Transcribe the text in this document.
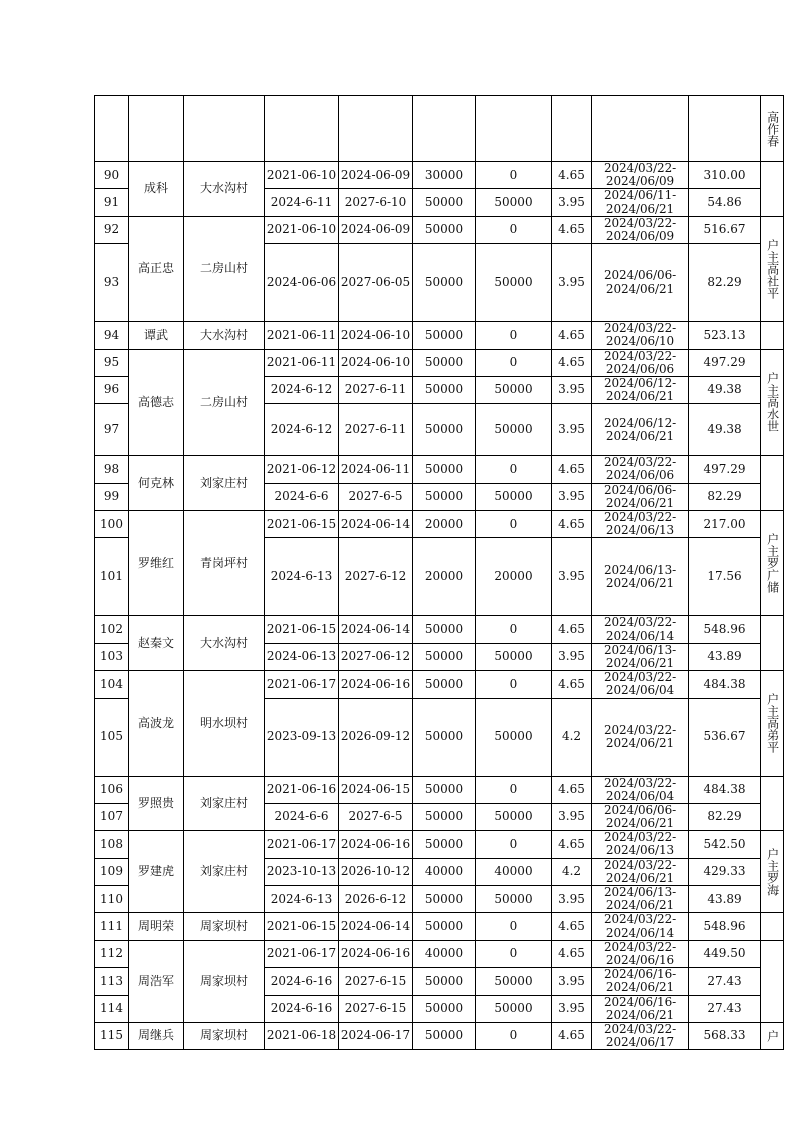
										高作春
90	成科	大水沟村	2021-06-10	2024-06-09	30000	0	4.65	2024/03/22-2024/06/09	310.00	
91			2024-6-11	2027-6-10	50000	50000	3.95	2024/06/11-2024/06/21	54.86	
92	高正忠	二房山村	2021-06-10	2024-06-09	50000	0	4.65	2024/03/22-2024/06/09	516.67	户主高社平
93			2024-06-06	2027-06-05	50000	50000	3.95	2024/06/06-2024/06/21	82.29	
94	谭武	大水沟村	2021-06-11	2024-06-10	50000	0	4.65	2024/03/22-2024/06/10	523.13	
95	高德志	二房山村	2021-06-11	2024-06-10	50000	0	4.65	2024/03/22-2024/06/06	497.29	户主高水世
96			2024-6-12	2027-6-11	50000	50000	3.95	2024/06/12-2024/06/21	49.38	
97			2024-6-12	2027-6-11	50000	50000	3.95	2024/06/12-2024/06/21	49.38	
98	何克林	刘家庄村	2021-06-12	2024-06-11	50000	0	4.65	2024/03/22-2024/06/06	497.29	
99			2024-6-6	2027-6-5	50000	50000	3.95	2024/06/06-2024/06/21	82.29	
100	罗维红	青岗坪村	2021-06-15	2024-06-14	20000	0	4.65	2024/03/22-2024/06/13	217.00	户主罗广储
101			2024-6-13	2027-6-12	20000	20000	3.95	2024/06/13-2024/06/21	17.56	
102	赵秦文	大水沟村	2021-06-15	2024-06-14	50000	0	4.65	2024/03/22-2024/06/14	548.96	
103			2024-06-13	2027-06-12	50000	50000	3.95	2024/06/13-2024/06/21	43.89	
104	高波龙	明水坝村	2021-06-17	2024-06-16	50000	0	4.65	2024/03/22-2024/06/04	484.38	户主高弟平
105			2023-09-13	2026-09-12	50000	50000	4.2	2024/03/22-2024/06/21	536.67	
106	罗照贵	刘家庄村	2021-06-16	2024-06-15	50000	0	4.65	2024/03/22-2024/06/04	484.38	
107			2024-6-6	2027-6-5	50000	50000	3.95	2024/06/06-2024/06/21	82.29	
108	罗建虎	刘家庄村	2021-06-17	2024-06-16	50000	0	4.65	2024/03/22-2024/06/13	542.50	户主罗海
109			2023-10-13	2026-10-12	40000	40000	4.2	2024/03/22-2024/06/21	429.33	
110			2024-6-13	2026-6-12	50000	50000	3.95	2024/06/13-2024/06/21	43.89	
111	周明荣	周家坝村	2021-06-15	2024-06-14	50000	0	4.65	2024/03/22-2024/06/14	548.96	
112	周浩军	周家坝村	2021-06-17	2024-06-16	40000	0	4.65	2024/03/22-2024/06/16	449.50	
113			2024-6-16	2027-6-15	50000	50000	3.95	2024/06/16-2024/06/21	27.43	
114			2024-6-16	2027-6-15	50000	50000	3.95	2024/06/16-2024/06/21	27.43	
115	周继兵	周家坝村	2021-06-18	2024-06-17	50000	0	4.65	2024/03/22-2024/06/17	568.33	户
